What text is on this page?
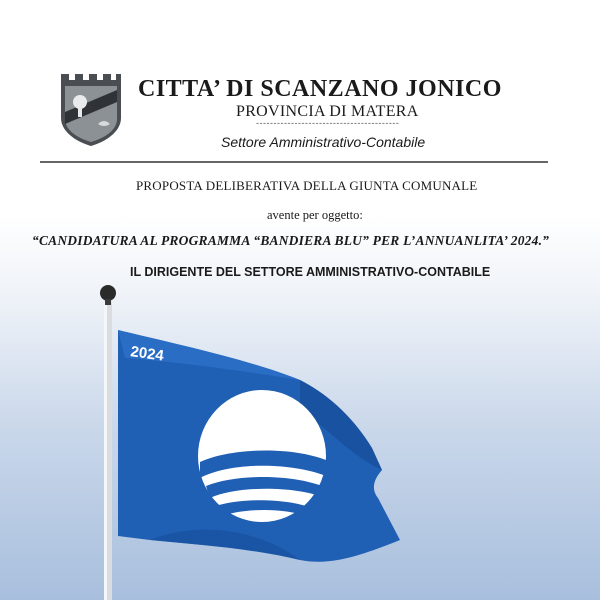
CITTA’ DI SCANZANO JONICO
PROVINCIA DI MATERA
-----------------------------------------
Settore Amministrativo-Contabile
PROPOSTA DELIBERATIVA DELLA GIUNTA COMUNALE
avente per oggetto:
“CANDIDATURA AL PROGRAMMA “BANDIERA BLU” PER L’ANNUANLITA’ 2024.”
IL DIRIGENTE DEL SETTORE AMMINISTRATIVO-CONTABILE
2024
